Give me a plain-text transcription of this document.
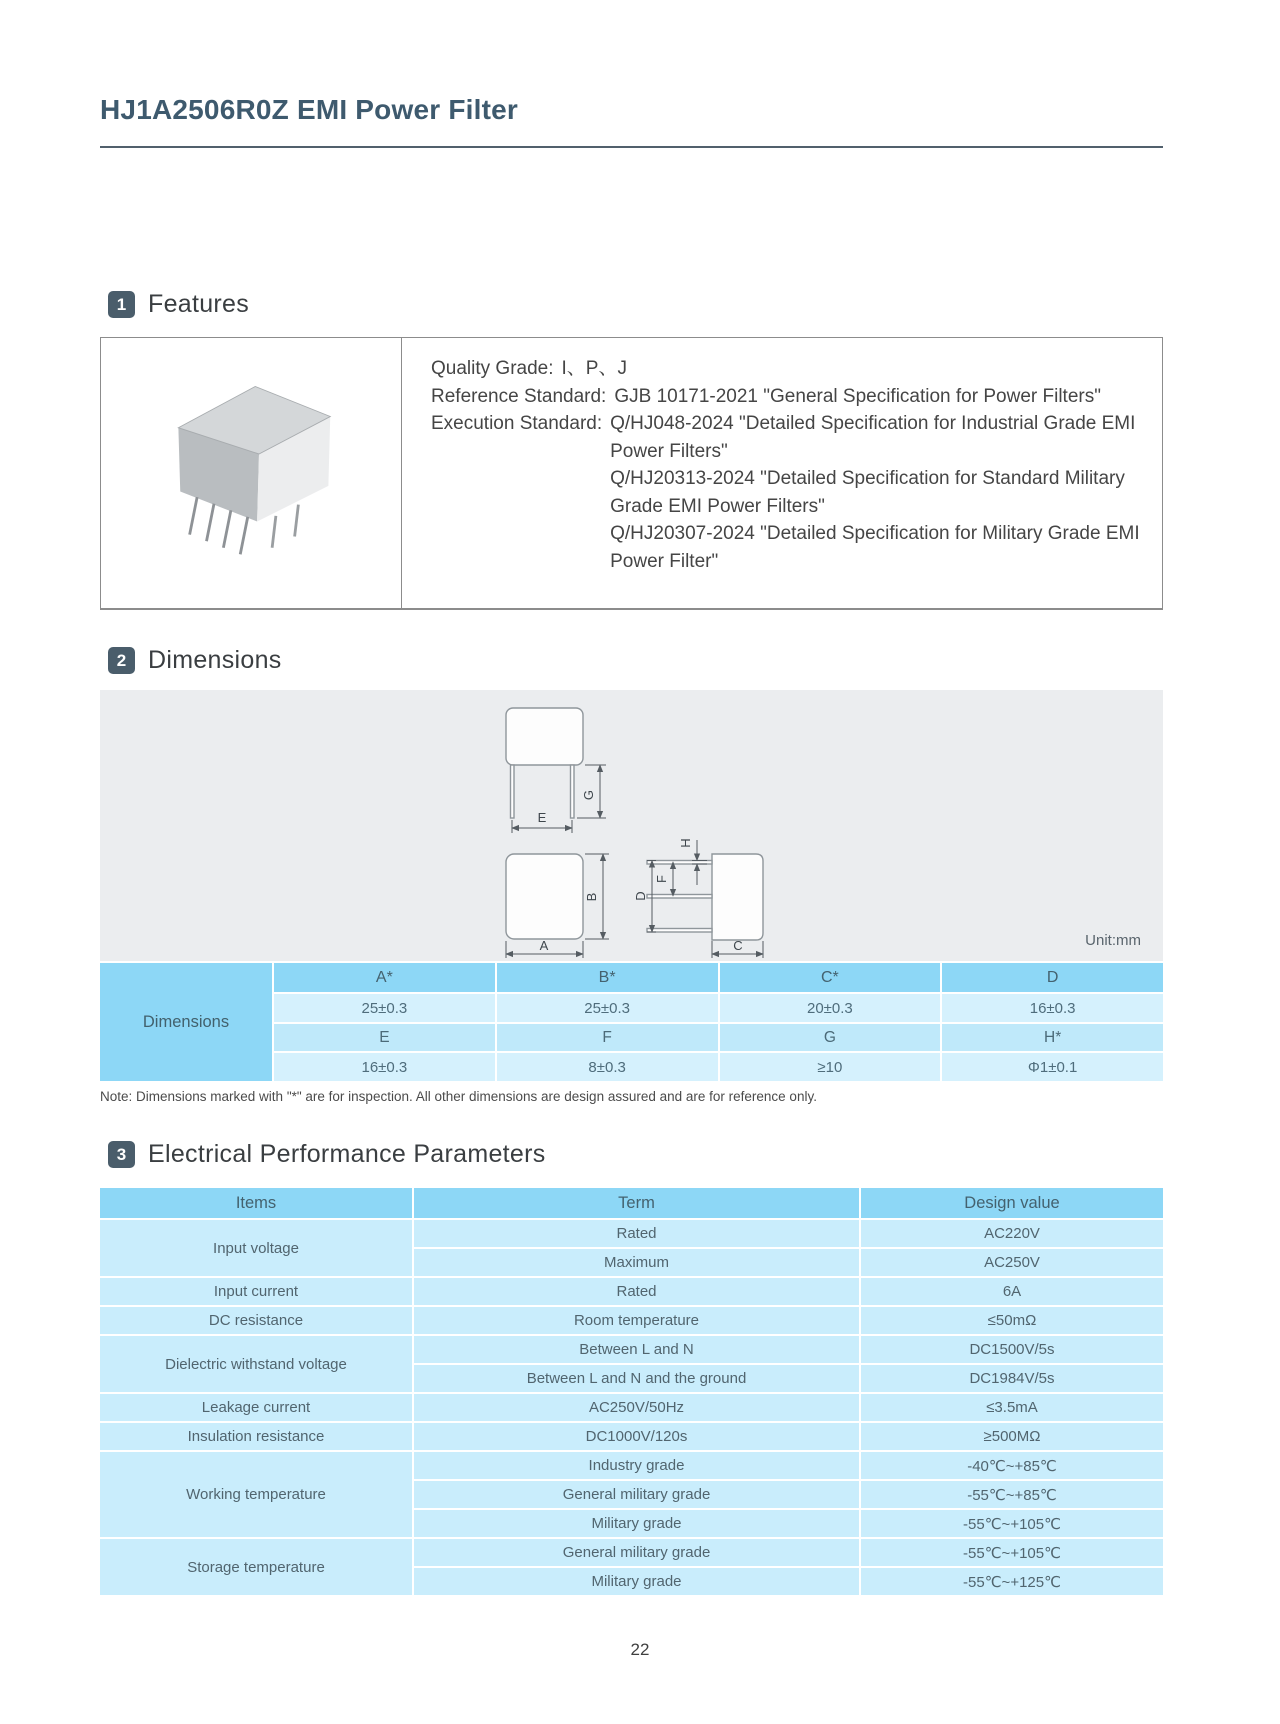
HJ1A2506R0Z EMI Power Filter
1 Features
Quality Grade: I、P、J
Reference Standard: GJB 10171-2021 "General Specification for Power Filters"
Execution Standard: Q/HJ048-2024 "Detailed Specification for Industrial Grade EMI Power Filters"
Q/HJ20313-2024 "Detailed Specification for Standard Military Grade EMI Power Filters"
Q/HJ20307-2024 "Detailed Specification for Military Grade EMI Power Filter"
2 Dimensions
G
E
B
A
H
F
D
C	Unit:mm
Dimensions
A*	B*	C*	D
25±0.3	25±0.3	20±0.3	16±0.3
E	F	G	H*
16±0.3	8±0.3	≥10	Φ1±0.1
Note: Dimensions marked with "*" are for inspection. All other dimensions are design assured and are for reference only.
3 Electrical Performance Parameters
Items	Term	Design value
Input voltage
Rated	AC220V
Maximum	AC250V
Input current	Rated	6A
DC resistance	Room temperature	≤50mΩ
Dielectric withstand voltage
Between L and N	DC1500V/5s
Between L and N and the ground	DC1984V/5s
Leakage current	AC250V/50Hz	≤3.5mA
Insulation resistance	DC1000V/120s	≥500MΩ
Working temperature
Industry grade	-40℃~+85℃
General military grade	-55℃~+85℃
Military grade	-55℃~+105℃
Storage temperature
General military grade	-55℃~+105℃
Military grade	-55℃~+125℃
22
